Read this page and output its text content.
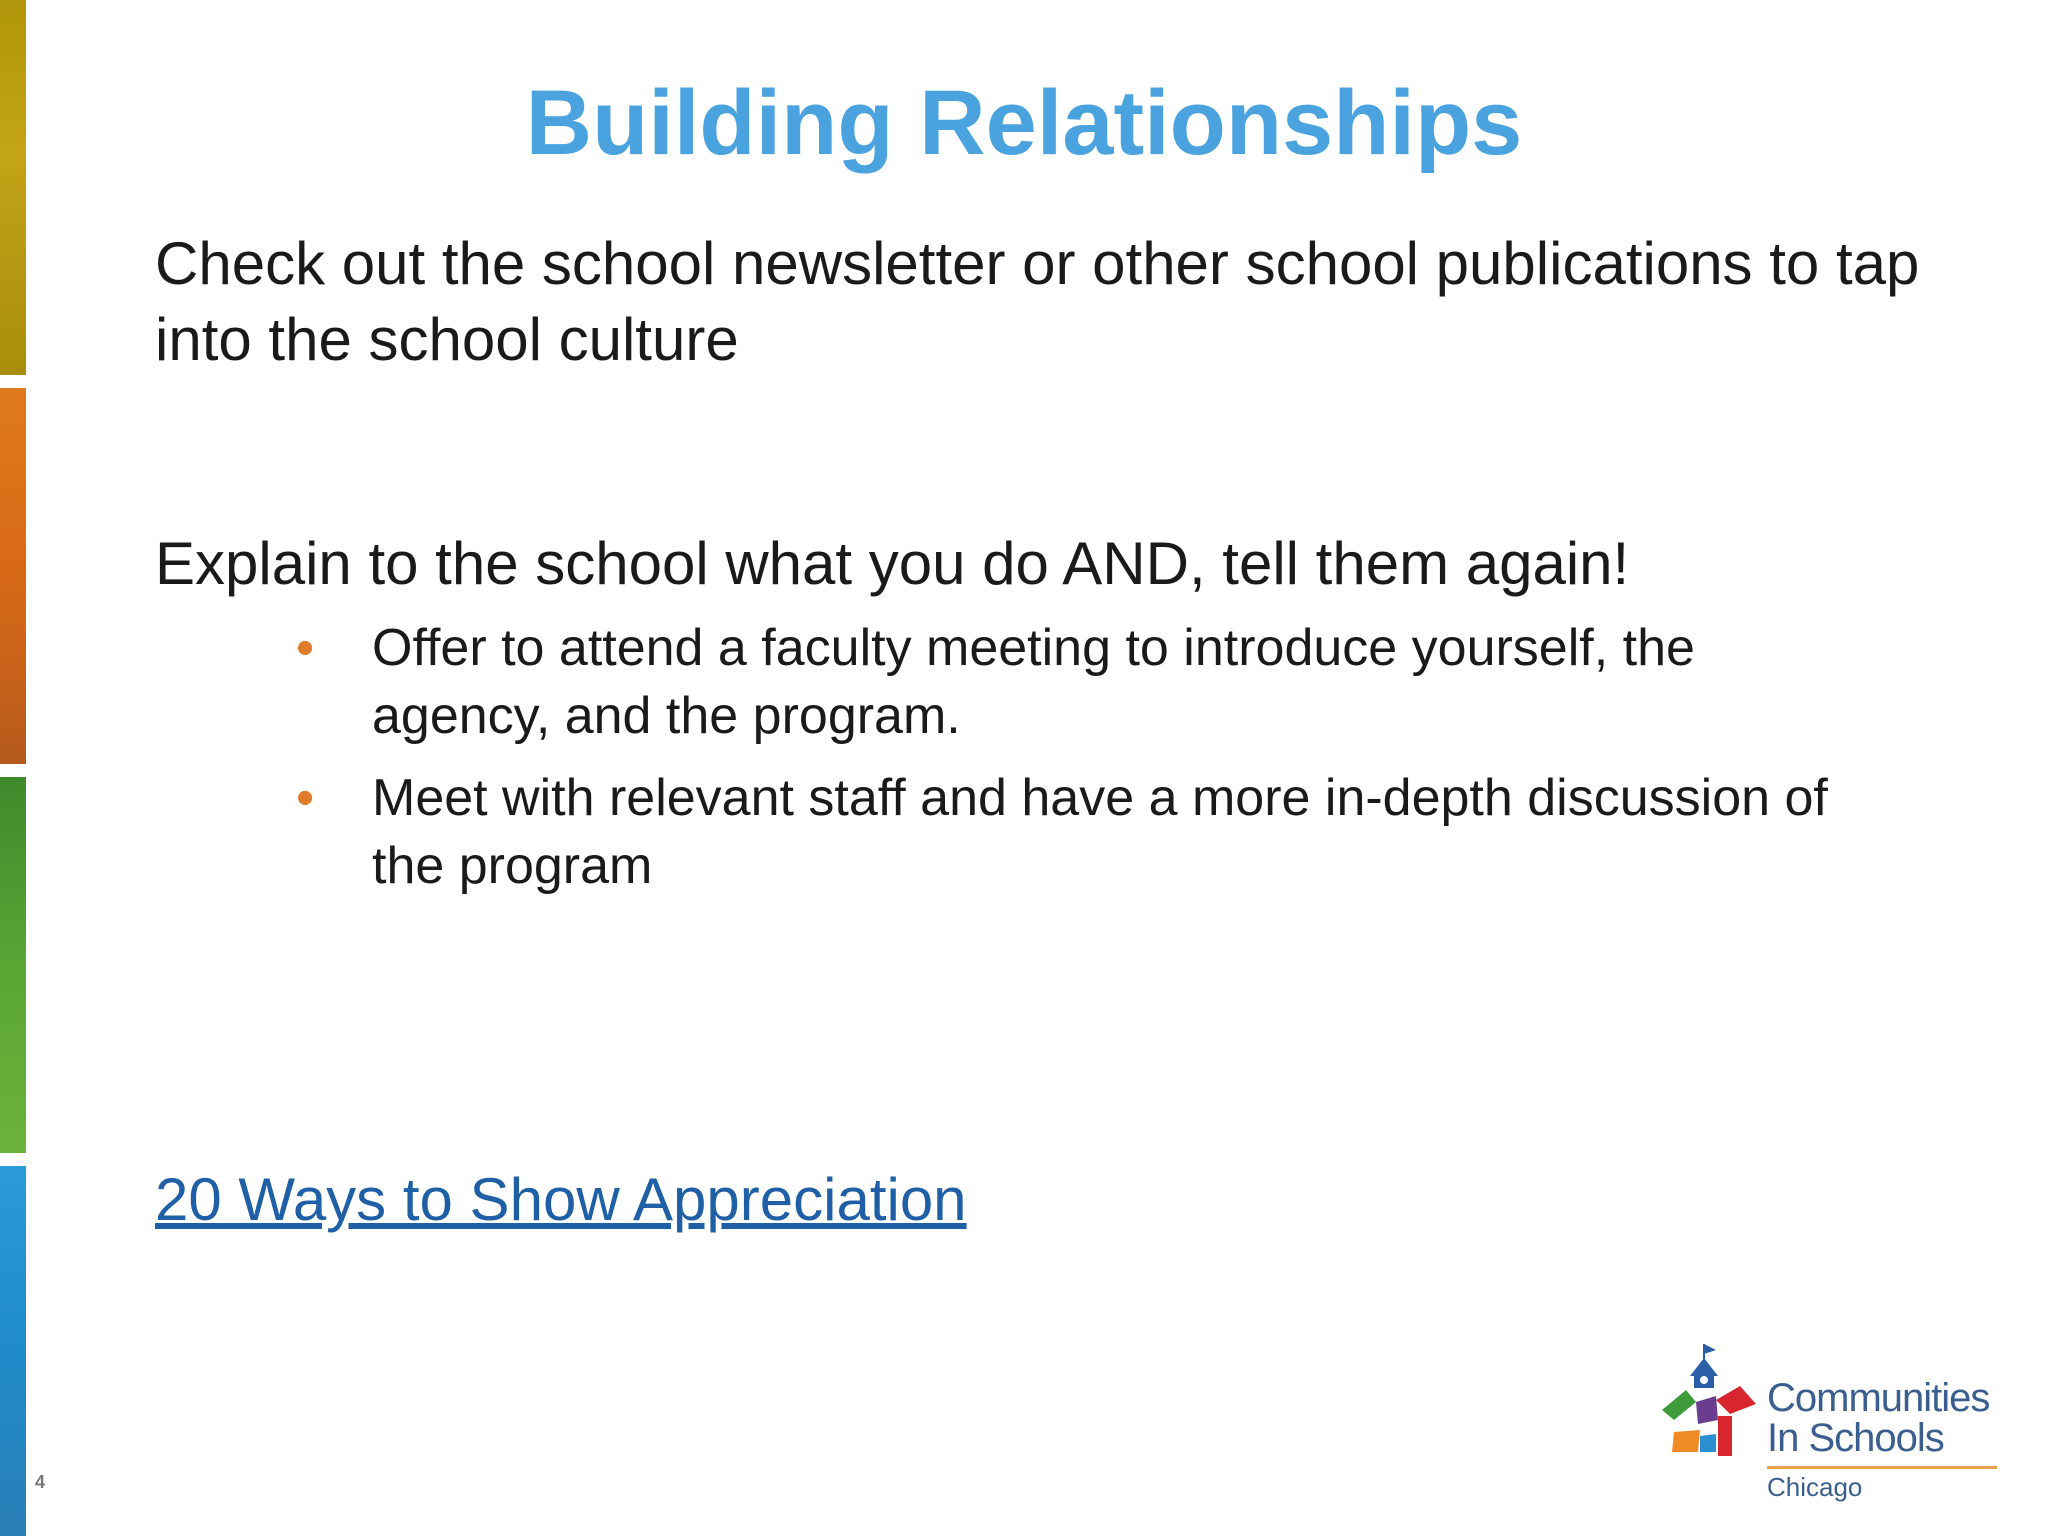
Building Relationships

Check out the school newsletter or other school publications to tap into the school culture

Explain to the school what you do AND, tell them again!

• Offer to attend a faculty meeting to introduce yourself, the agency, and the program.
• Meet with relevant staff and have a more in-depth discussion of the program
20 Ways to Show Appreciation
4
Communities
In Schools
Chicago
